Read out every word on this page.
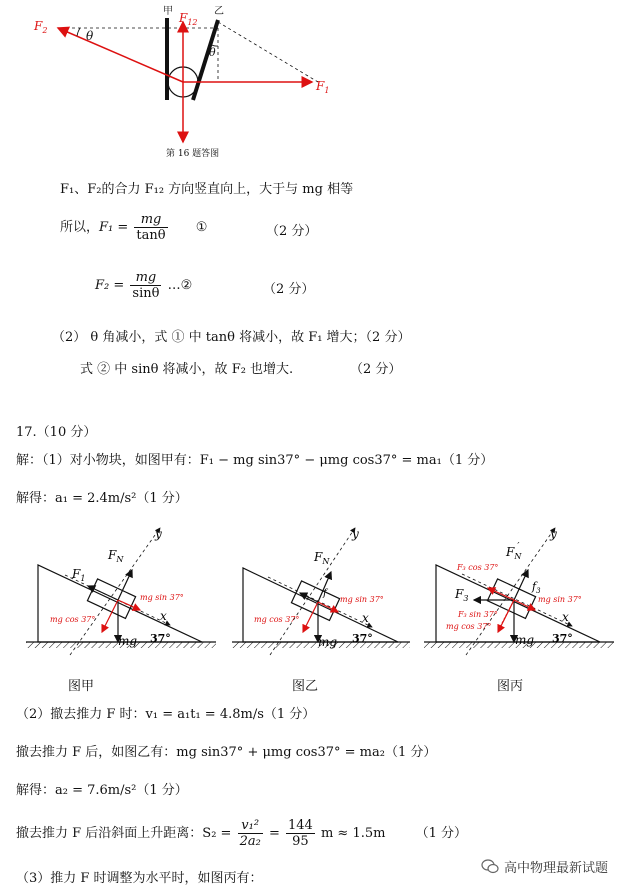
甲	乙
$F_{12}$
$F_1$
$F_2$	θ
θ
第 16 题答图
F₁、F₂的合力 F₁₂ 方向竖直向上，大于与 mg 相等
所以，$F_1 = \frac{mg}{\tan\theta}$ ①	（2 分）
$F_2 = \frac{mg}{\sin\theta}$ …②	（2 分）
（2） θ 角减小，式 ① 中 tanθ 将减小，故 F₁ 增大；（2 分）
式 ② 中 sinθ 将减小，故 F₂ 也增大.	（2 分）
17.（10 分）
解：（1）对小物块，如图甲有：F₁ − mg sin37° − μmg cos37° = ma₁（1 分）
解得：a₁ = 2.4m/s²（1 分）
$F_N$
$F_1$
y
x
mg 37°
mg sin 37°
mg cos 37°
$F_N$
f
y
x
mg 37°
mg sin 37°
mg cos 37°
$F_N'$
$F_3$
$f_3$
y
x
mg 37°
mg sin 37°
mg cos 37°
F₃ cos 37°
F₃ sin 37°
图甲	图乙	图丙
（2）撤去推力 F 时：v₁ = a₁t₁ = 4.8m/s（1 分）
撤去推力 F 后，如图乙有：mg sin37° + μmg cos37° = ma₂（1 分）
解得：a₂ = 7.6m/s²（1 分）
撤去推力 F 后沿斜面上升距离：$S_2 = \frac{\text{v₁²}}{\text{2a₂}} = \frac{144}{95}$ m ≈ 1.5m （1 分）
（3）推力 F 时调整为水平时，如图丙有：
高中物理最新试题
